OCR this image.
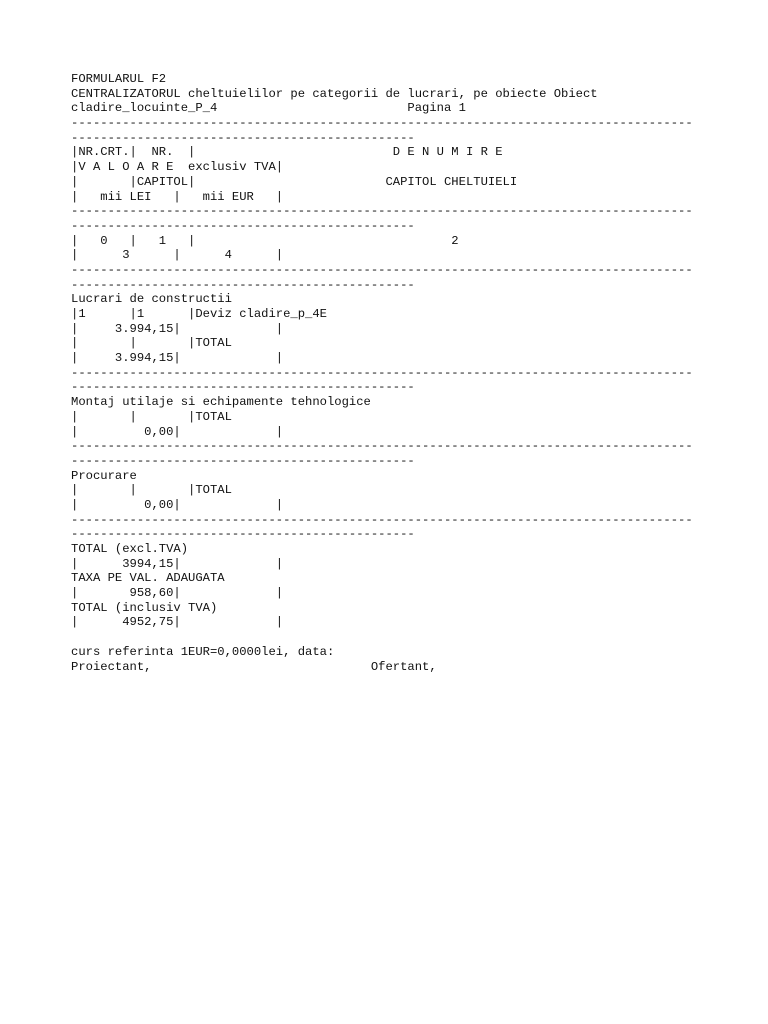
FORMULARUL F2
CENTRALIZATORUL cheltuielilor pe categorii de lucrari, pe obiecte Obiect
cladire_locuinte_P_4                          Pagina 1
-------------------------------------------------------------------------------------
-----------------------------------------------
|NR.CRT.|  NR.  |                           D E N U M I R E
|V A L O A R E  exclusiv TVA|
|       |CAPITOL|                          CAPITOL CHELTUIELI
|   mii LEI   |   mii EUR   |
-------------------------------------------------------------------------------------
-----------------------------------------------
|   0   |   1   |                                   2
|      3      |      4      |
-------------------------------------------------------------------------------------
-----------------------------------------------
Lucrari de constructii
|1      |1      |Deviz cladire_p_4E
|     3.994,15|             |
|       |       |TOTAL
|     3.994,15|             |
-------------------------------------------------------------------------------------
-----------------------------------------------
Montaj utilaje si echipamente tehnologice
|       |       |TOTAL
|         0,00|             |
-------------------------------------------------------------------------------------
-----------------------------------------------
Procurare
|       |       |TOTAL
|         0,00|             |
-------------------------------------------------------------------------------------
-----------------------------------------------
TOTAL (excl.TVA)
|      3994,15|             |
TAXA PE VAL. ADAUGATA
|       958,60|             |
TOTAL (inclusiv TVA)
|      4952,75|             |
curs referinta 1EUR=0,0000lei, data:
Proiectant,                              Ofertant,
